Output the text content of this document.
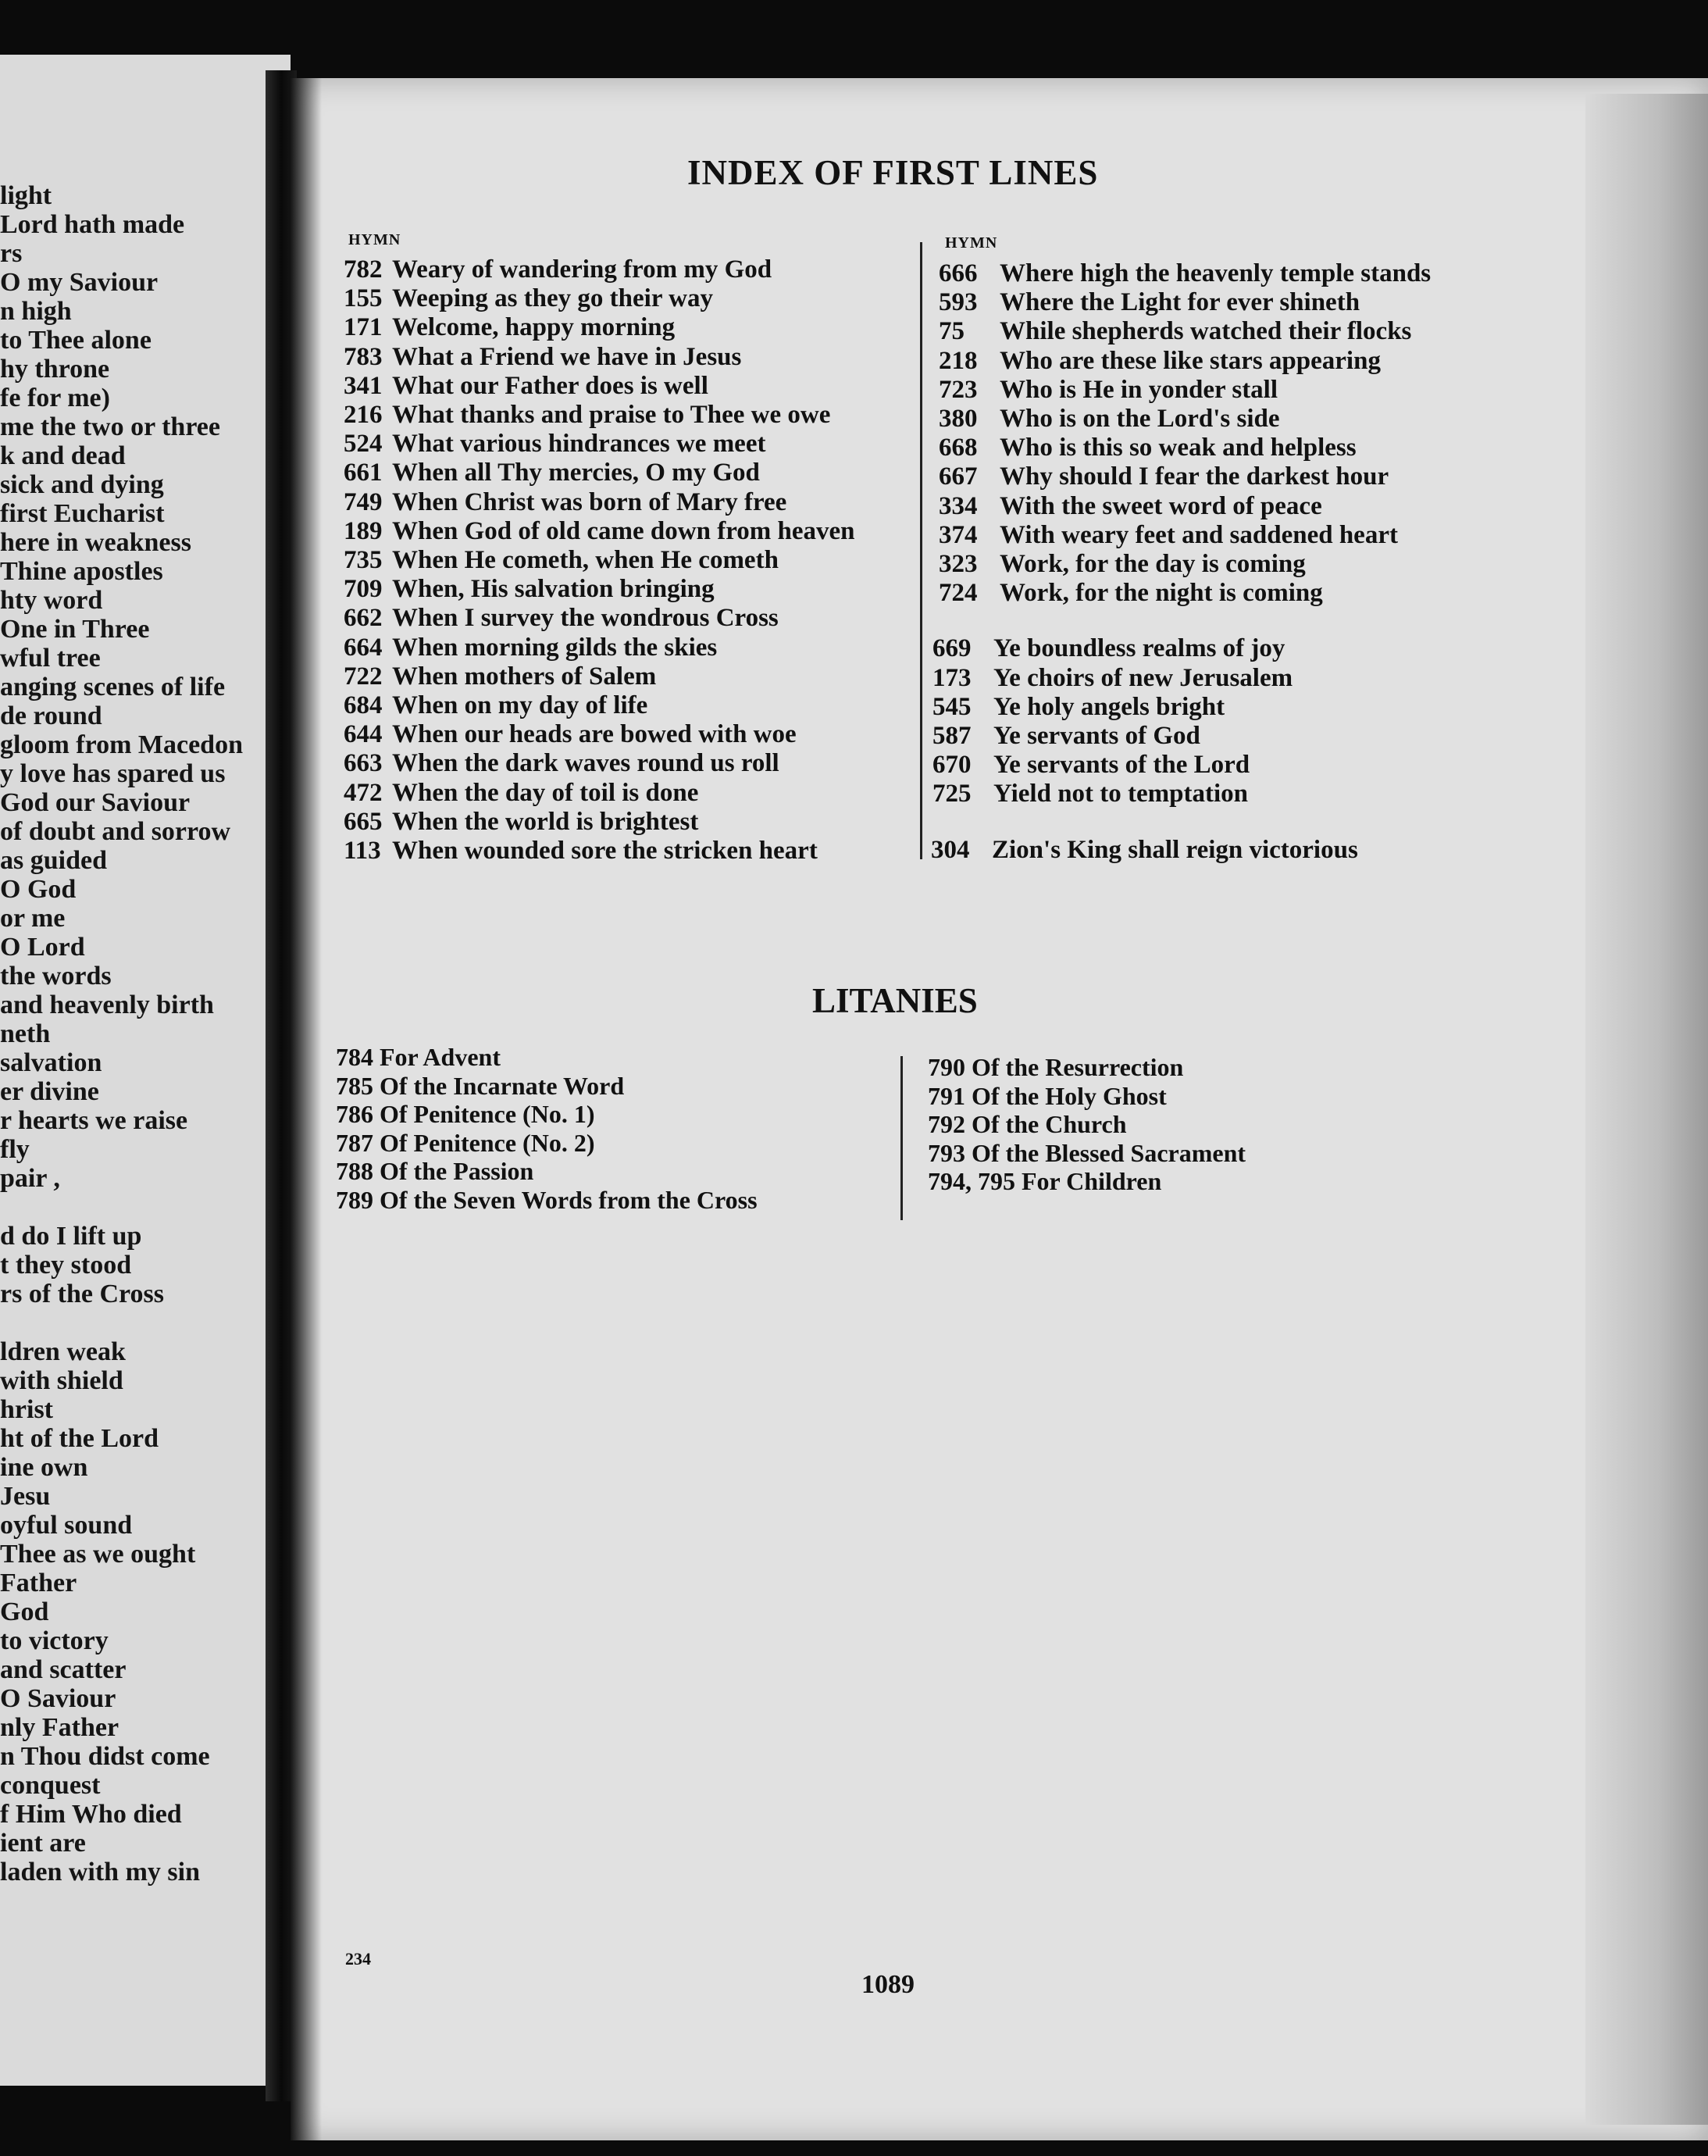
light
Lord hath made
rs
O my Saviour
n high
to Thee alone
hy throne
fe for me)
me the two or three
k and dead
sick and dying
first Eucharist
here in weakness
Thine apostles
hty word
One in Three
wful tree
anging scenes of life
de round
gloom from Macedon
y love has spared us
God our Saviour
of doubt and sorrow
as guided
O God
or me
O Lord
the words
and heavenly birth
neth
salvation
er divine
r hearts we raise
fly
pair ,
d do I lift up
t they stood
rs of the Cross
ldren weak
with shield
hrist
ht of the Lord
ine own
Jesu
oyful sound
Thee as we ought
Father
God
to victory
and scatter
O Saviour
nly Father
n Thou didst come
conquest
f Him Who died
ient are
laden with my sin
INDEX OF FIRST LINES
HYMN	HYMN
782 Weary of wandering from my God
155 Weeping as they go their way
171 Welcome, happy morning
783 What a Friend we have in Jesus
341 What our Father does is well
216 What thanks and praise to Thee we owe
524 What various hindrances we meet
661 When all Thy mercies, O my God
749 When Christ was born of Mary free
189 When God of old came down from heaven
735 When He cometh, when He cometh
709 When, His salvation bringing
662 When I survey the wondrous Cross
664 When morning gilds the skies
722 When mothers of Salem
684 When on my day of life
644 When our heads are bowed with woe
663 When the dark waves round us roll
472 When the day of toil is done
665 When the world is brightest
113 When wounded sore the stricken heart
666 Where high the heavenly temple stands
593 Where the Light for ever shineth
75 While shepherds watched their flocks
218 Who are these like stars appearing
723 Who is He in yonder stall
380 Who is on the Lord's side
668 Who is this so weak and helpless
667 Why should I fear the darkest hour
334 With the sweet word of peace
374 With weary feet and saddened heart
323 Work, for the day is coming
724 Work, for the night is coming
669 Ye boundless realms of joy
173 Ye choirs of new Jerusalem
545 Ye holy angels bright
587 Ye servants of God
670 Ye servants of the Lord
725 Yield not to temptation
304 Zion's King shall reign victorious
LITANIES
784 For Advent
785 Of the Incarnate Word
786 Of Penitence (No. 1)
787 Of Penitence (No. 2)
788 Of the Passion
789 Of the Seven Words from the Cross
790 Of the Resurrection
791 Of the Holy Ghost
792 Of the Church
793 Of the Blessed Sacrament
794, 795 For Children
234
1089
